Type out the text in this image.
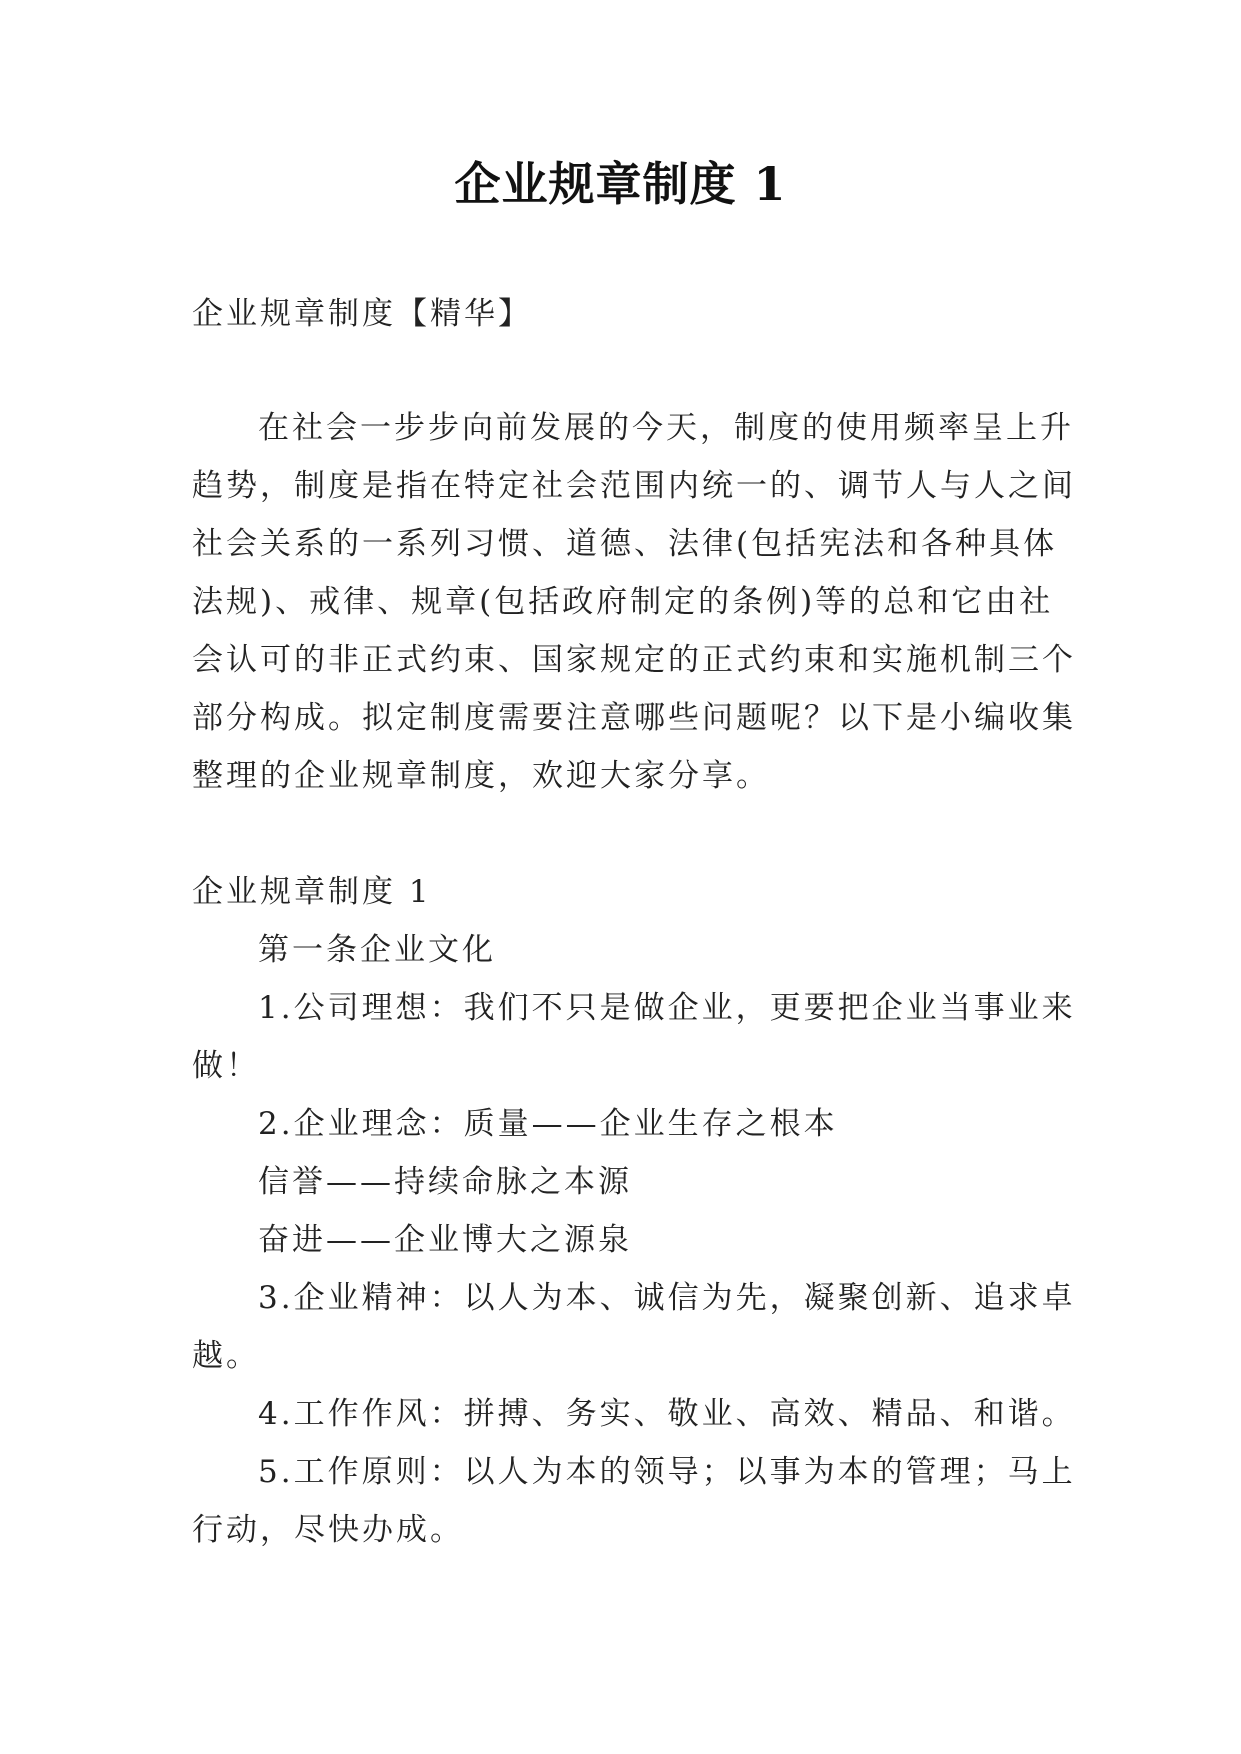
企业规章制度 1
企业规章制度【精华】
在社会一步步向前发展的今天，制度的使用频率呈上升
趋势，制度是指在特定社会范围内统一的、调节人与人之间
社会关系的一系列习惯、道德、法律(包括宪法和各种具体
法规)、戒律、规章(包括政府制定的条例)等的总和它由社
会认可的非正式约束、国家规定的正式约束和实施机制三个
部分构成。拟定制度需要注意哪些问题呢？以下是小编收集
整理的企业规章制度，欢迎大家分享。
企业规章制度 1
第一条企业文化
1.公司理想：我们不只是做企业，更要把企业当事业来
做！
2.企业理念：质量——企业生存之根本
信誉——持续命脉之本源
奋进——企业博大之源泉
3.企业精神：以人为本、诚信为先，凝聚创新、追求卓
越。
4.工作作风：拼搏、务实、敬业、高效、精品、和谐。
5.工作原则：以人为本的领导；以事为本的管理；马上
行动，尽快办成。
